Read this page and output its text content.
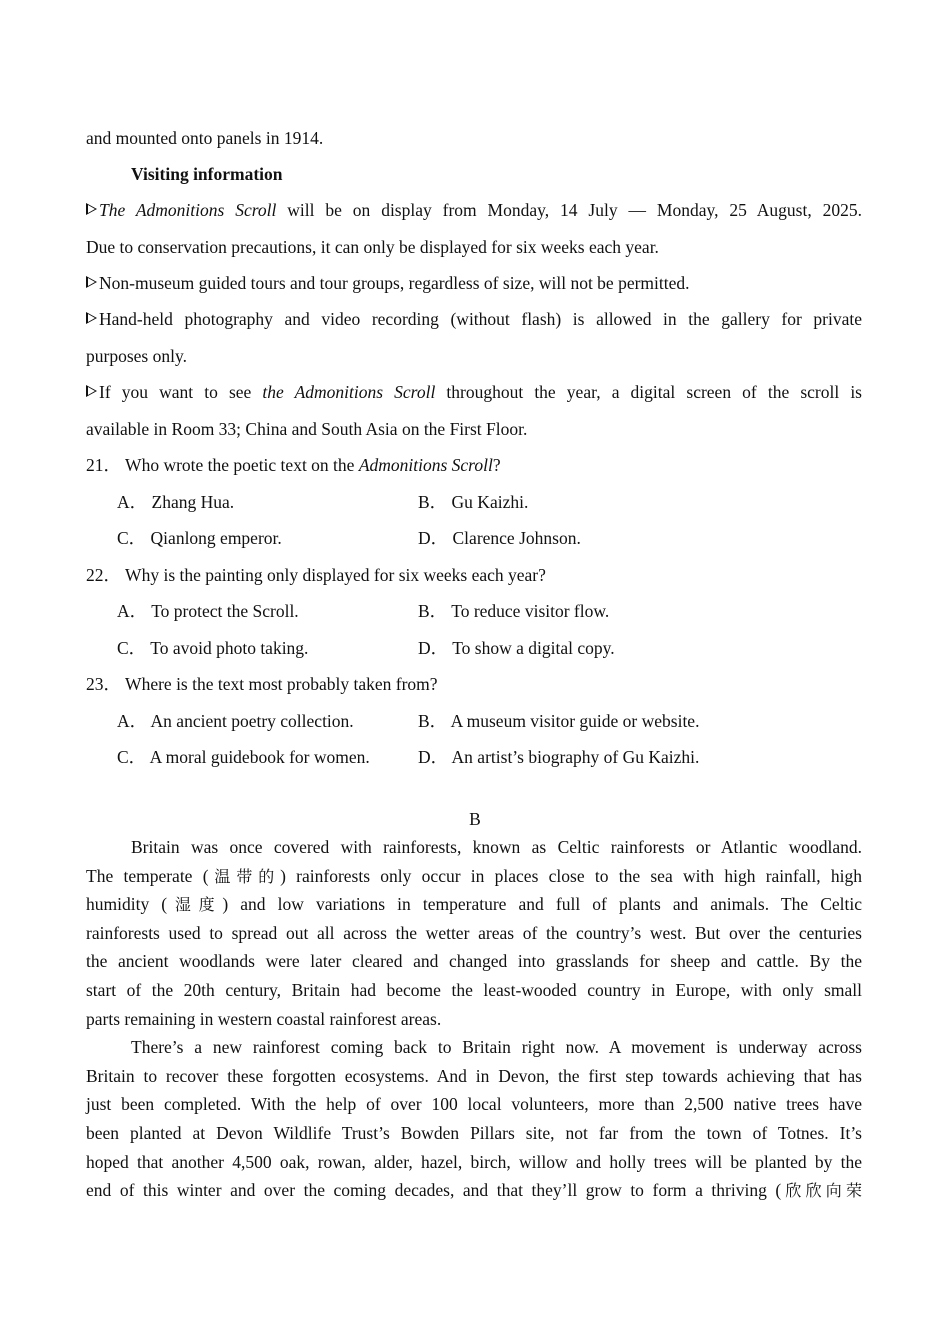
and mounted onto panels in 1914.
Visiting information
The Admonitions Scroll will be on display from Monday, 14 July — Monday, 25 August, 2025.
Due to conservation precautions, it can only be displayed for six weeks each year.
Non-museum guided tours and tour groups, regardless of size, will not be permitted.
Hand-held photography and video recording (without flash) is allowed in the gallery for private
purposes only.
If you want to see the Admonitions Scroll throughout the year, a digital screen of the scroll is
available in Room 33; China and South Asia on the First Floor.
21． Who wrote the poetic text on the Admonitions Scroll?
A． Zhang Hua.	B． Gu Kaizhi.
C． Qianlong emperor.	D． Clarence Johnson.
22． Why is the painting only displayed for six weeks each year?
A． To protect the Scroll.	B． To reduce visitor flow.
C． To avoid photo taking.	D． To show a digital copy.
23． Where is the text most probably taken from?
A． An ancient poetry collection.	B． A museum visitor guide or website.
C． A moral guidebook for women.	D． An artist’s biography of Gu Kaizhi.
B
Britain was once covered with rainforests, known as Celtic rainforests or Atlantic woodland.
The temperate (温带的) rainforests only occur in places close to the sea with high rainfall, high
humidity (湿度) and low variations in temperature and full of plants and animals. The Celtic
rainforests used to spread out all across the wetter areas of the country’s west. But over the centuries
the ancient woodlands were later cleared and changed into grasslands for sheep and cattle. By the
start of the 20th century, Britain had become the least-wooded country in Europe, with only small
parts remaining in western coastal rainforest areas.
There’s a new rainforest coming back to Britain right now. A movement is underway across
Britain to recover these forgotten ecosystems. And in Devon, the first step towards achieving that has
just been completed. With the help of over 100 local volunteers, more than 2,500 native trees have
been planted at Devon Wildlife Trust’s Bowden Pillars site, not far from the town of Totnes. It’s
hoped that another 4,500 oak, rowan, alder, hazel, birch, willow and holly trees will be planted by the
end of this winter and over the coming decades, and that they’ll grow to form a thriving (欣欣向荣
